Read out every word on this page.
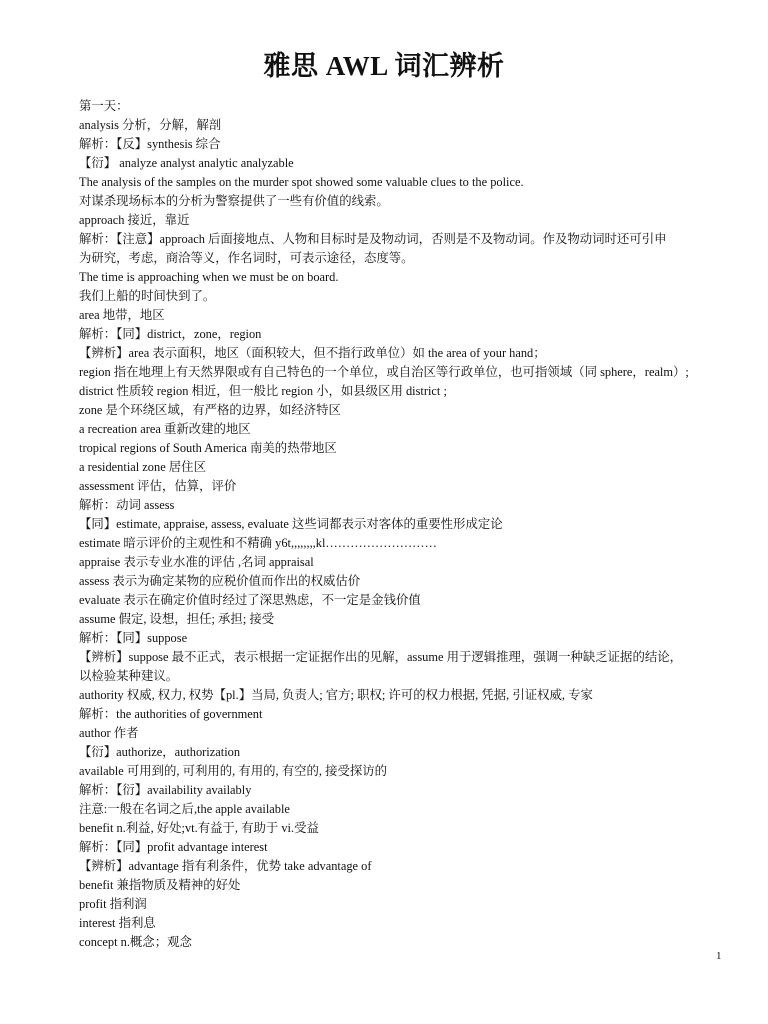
雅思 AWL 词汇辨析
第一天：
analysis 分析，分解，解剖
解析：【反】synthesis 综合
【衍】 analyze analyst analytic analyzable
The analysis of the samples on the murder spot showed some valuable clues to the police.
对谋杀现场标本的分析为警察提供了一些有价值的线索。
approach 接近，靠近
解析：【注意】approach 后面接地点、人物和目标时是及物动词，否则是不及物动词。作及物动词时还可引申
为研究，考虑，商洽等义，作名词时，可表示途径，态度等。
The time is approaching when we must be on board.
我们上船的时间快到了。
area 地带，地区
解析：【同】district，zone，region
【辨析】area 表示面积，地区（面积较大，但不指行政单位）如 the area of your hand；
region 指在地理上有天然界限或有自己特色的一个单位，或自治区等行政单位，也可指领域（同 sphere，realm）;
district 性质较 region 相近，但一般比 region 小，如县级区用 district ;
zone 是个环绕区域，有严格的边界，如经济特区
a recreation area 重新改建的地区
tropical regions of South America 南美的热带地区
a residential zone 居住区
assessment 评估，估算，评价
解析：动词 assess
【同】estimate, appraise, assess, evaluate 这些词都表示对客体的重要性形成定论
estimate 暗示评价的主观性和不精确 y6t,,,,,,,,kl………………………
appraise 表示专业水准的评估 ,名词 appraisal
assess 表示为确定某物的应税价值而作出的权威估价
evaluate 表示在确定价值时经过了深思熟虑，不一定是金钱价值
assume 假定, 设想，担任; 承担; 接受
解析：【同】suppose
【辨析】suppose 最不正式，表示根据一定证据作出的见解，assume 用于逻辑推理，强调一种缺乏证据的结论，
以检验某种建议。
authority 权威, 权力, 权势【pl.】当局, 负责人; 官方; 职权; 许可的权力根据, 凭据, 引证权威, 专家
解析：the authorities of government
author 作者
【衍】authorize，authorization
available 可用到的, 可利用的, 有用的, 有空的, 接受探访的
解析：【衍】availability availably
注意:一般在名词之后,the apple available
benefit n.利益, 好处;vt.有益于, 有助于 vi.受益
解析：【同】profit advantage interest
【辨析】advantage 指有利条件，优势 take advantage of
benefit 兼指物质及精神的好处
profit 指利润
interest 指利息
concept n.概念；观念
1
